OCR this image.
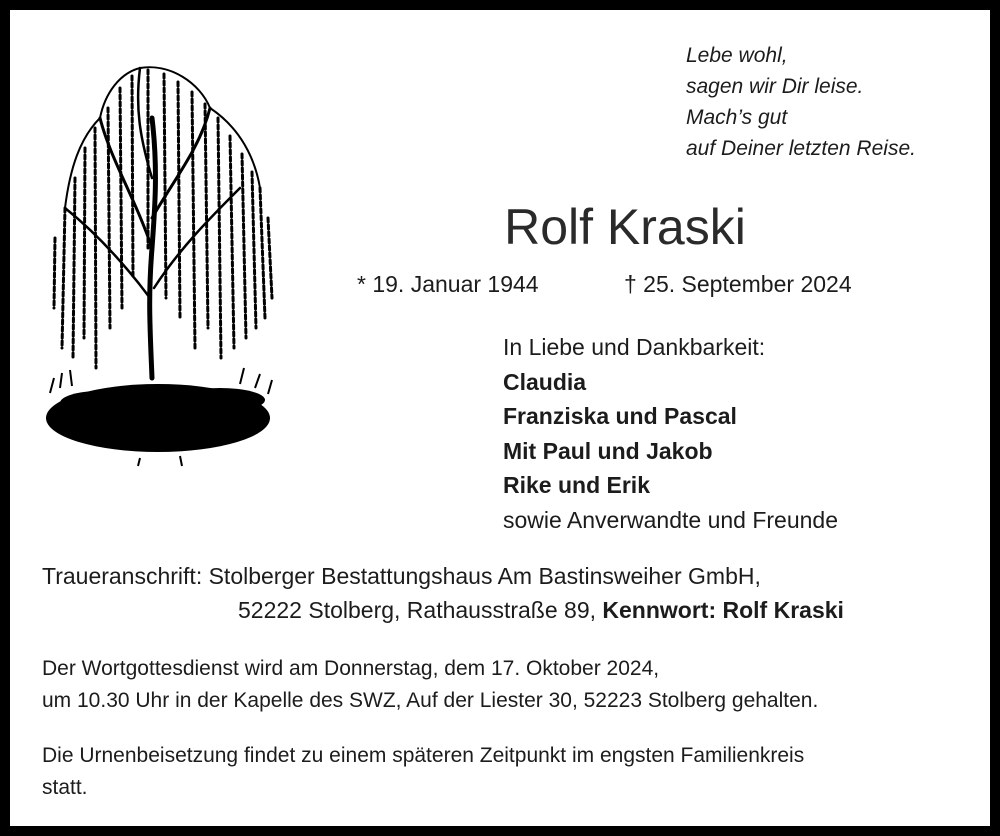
Lebe wohl,
sagen wir Dir leise.
Mach’s gut
auf Deiner letzten Reise.
Rolf Kraski
* 19. Januar 1944	† 25. September 2024
In Liebe und Dankbarkeit:
Claudia
Franziska und Pascal
Mit Paul und Jakob
Rike und Erik
sowie Anverwandte und Freunde
Traueranschrift: Stolberger Bestattungshaus Am Bastinsweiher GmbH,
52222 Stolberg, Rathausstraße 89, Kennwort: Rolf Kraski
Der Wortgottesdienst wird am Donnerstag, dem 17. Oktober 2024,
um 10.30 Uhr in der Kapelle des SWZ, Auf der Liester 30, 52223 Stolberg gehalten.
Die Urnenbeisetzung findet zu einem späteren Zeitpunkt im engsten Familienkreis
statt.
